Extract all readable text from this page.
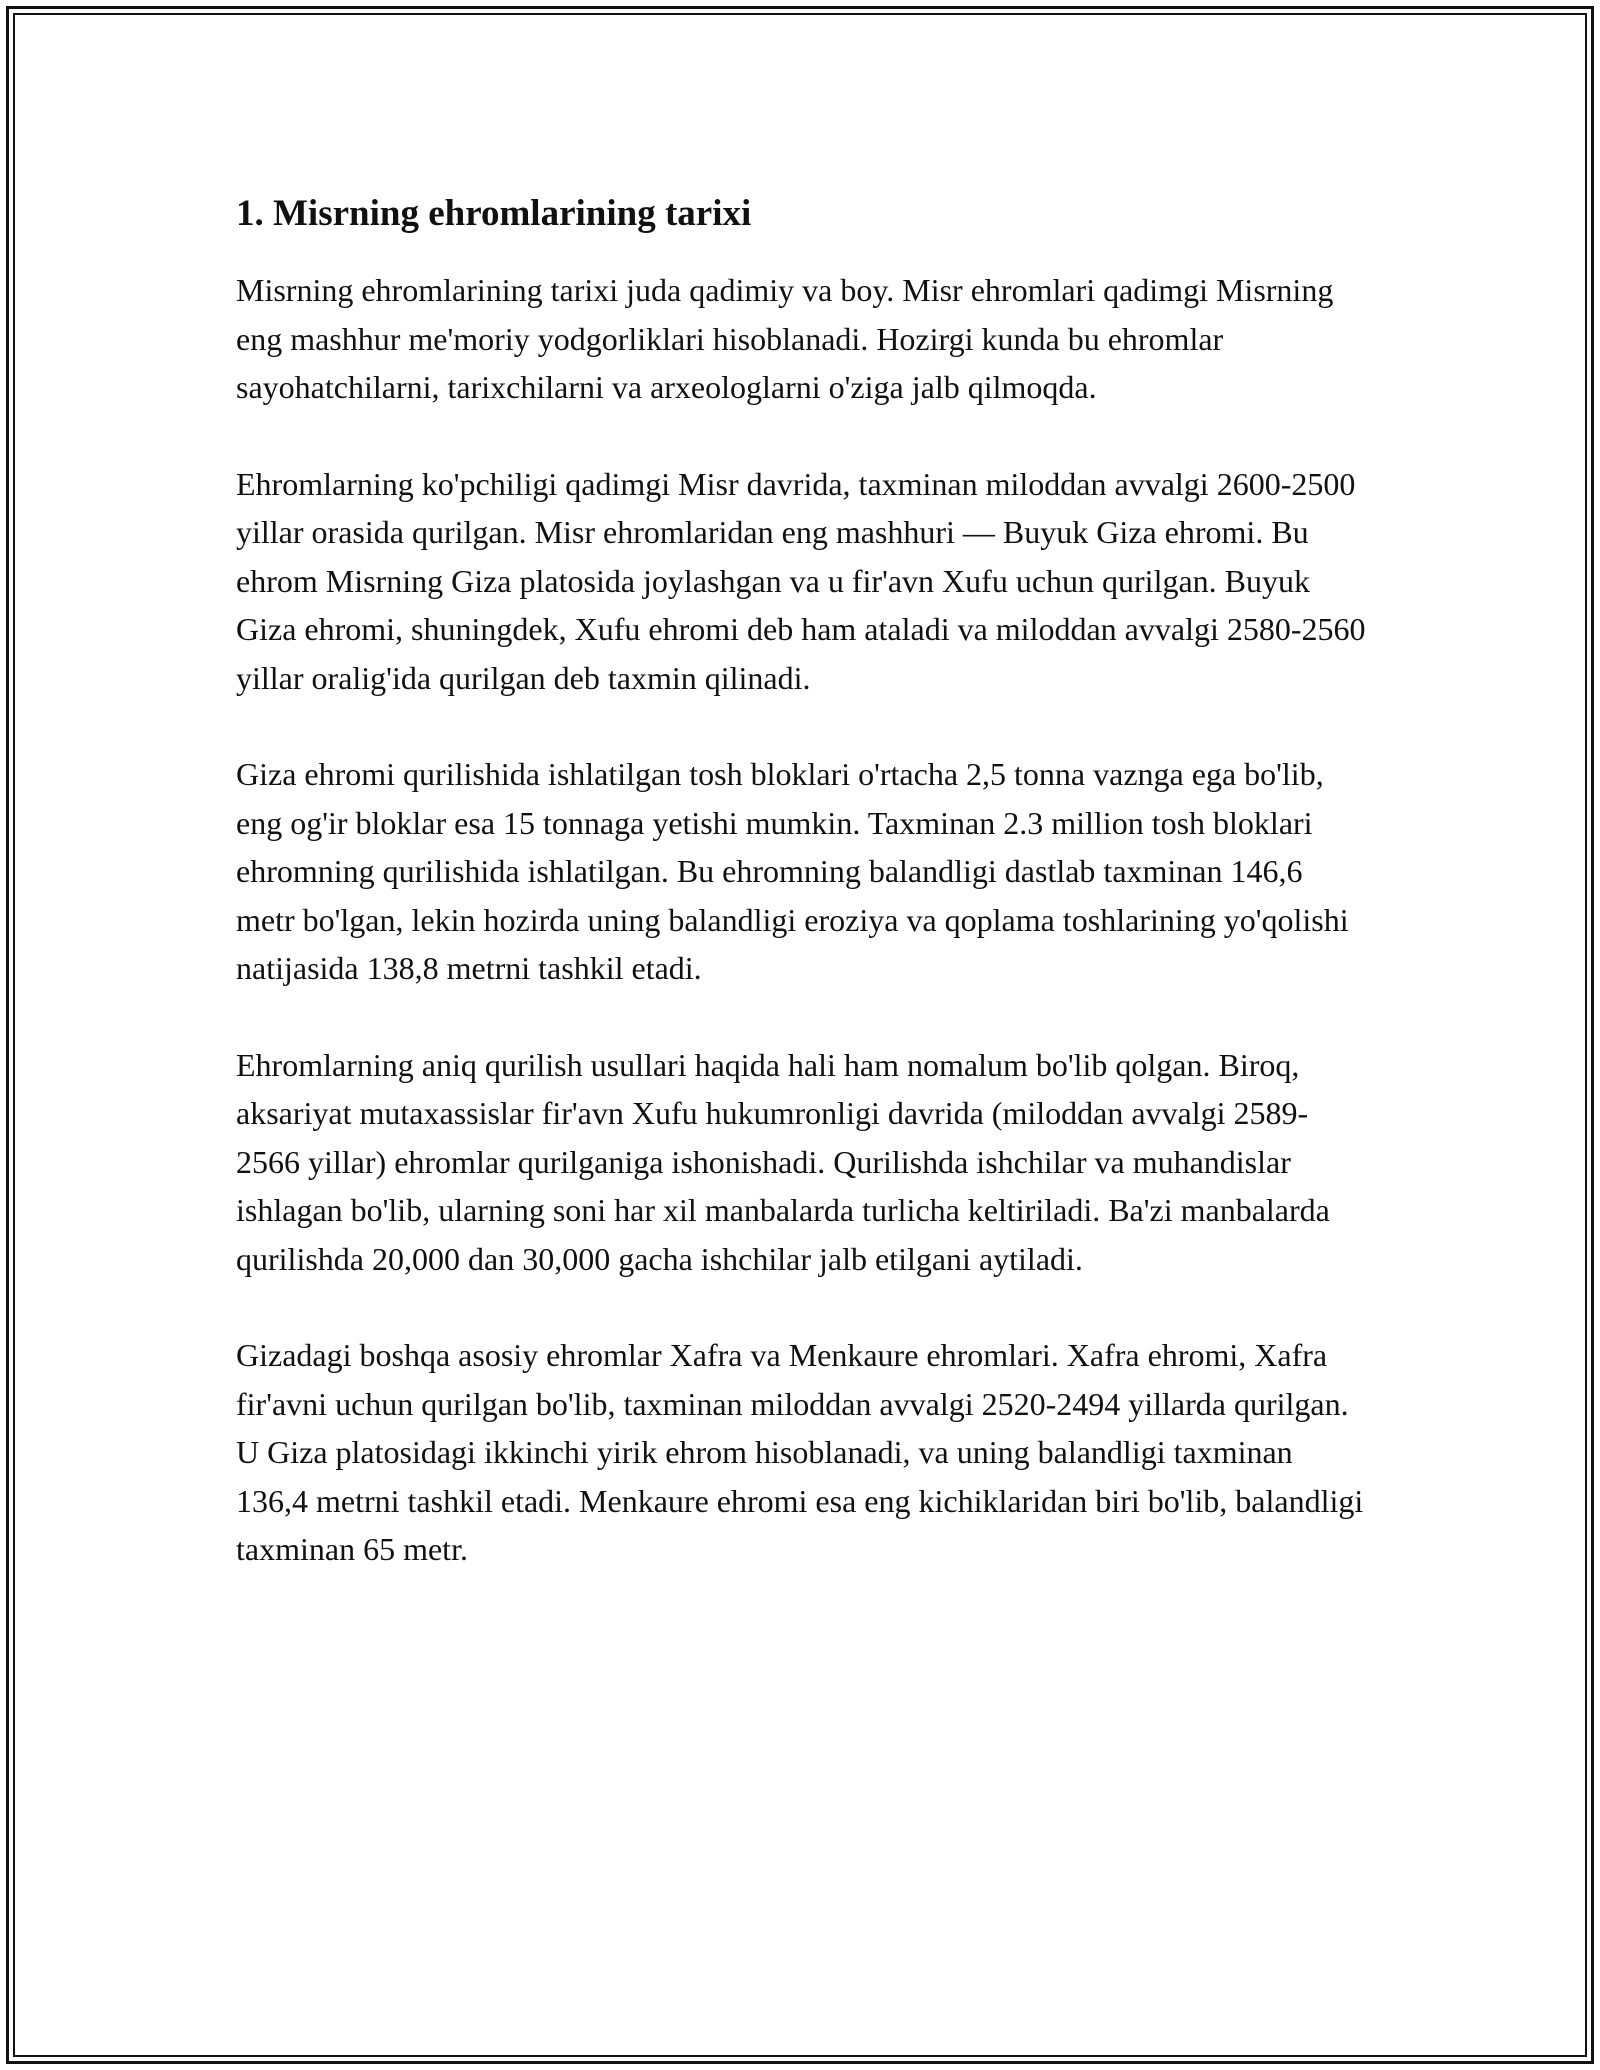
1. Misrning ehromlarining tarixi

Misrning ehromlarining tarixi juda qadimiy va boy. Misr ehromlari qadimgi Misrning eng mashhur me'moriy yodgorliklari hisoblanadi. Hozirgi kunda bu ehromlar sayohatchilarni, tarixchilarni va arxeologlarni o'ziga jalb qilmoqda.

Ehromlarning ko'pchiligi qadimgi Misr davrida, taxminan miloddan avvalgi 2600-2500 yillar orasida qurilgan. Misr ehromlaridan eng mashhuri — Buyuk Giza ehromi. Bu ehrom Misrning Giza platosida joylashgan va u fir'avn Xufu uchun qurilgan. Buyuk Giza ehromi, shuningdek, Xufu ehromi deb ham ataladi va miloddan avvalgi 2580-2560 yillar oralig'ida qurilgan deb taxmin qilinadi.

Giza ehromi qurilishida ishlatilgan tosh bloklari o'rtacha 2,5 tonna vaznga ega bo'lib, eng og'ir bloklar esa 15 tonnaga yetishi mumkin. Taxminan 2.3 million tosh bloklari ehromning qurilishida ishlatilgan. Bu ehromning balandligi dastlab taxminan 146,6 metr bo'lgan, lekin hozirda uning balandligi eroziya va qoplama toshlarining yo'qolishi natijasida 138,8 metrni tashkil etadi.

Ehromlarning aniq qurilish usullari haqida hali ham nomalum bo'lib qolgan. Biroq, aksariyat mutaxassislar fir'avn Xufu hukumronligi davrida (miloddan avvalgi 2589-2566 yillar) ehromlar qurilganiga ishonishadi. Qurilishda ishchilar va muhandislar ishlagan bo'lib, ularning soni har xil manbalarda turlicha keltiriladi. Ba'zi manbalarda qurilishda 20,000 dan 30,000 gacha ishchilar jalb etilgani aytiladi.

Gizadagi boshqa asosiy ehromlar Xafra va Menkaure ehromlari. Xafra ehromi, Xafra fir'avni uchun qurilgan bo'lib, taxminan miloddan avvalgi 2520-2494 yillarda qurilgan. U Giza platosidagi ikkinchi yirik ehrom hisoblanadi, va uning balandligi taxminan 136,4 metrni tashkil etadi. Menkaure ehromi esa eng kichiklaridan biri bo'lib, balandligi taxminan 65 metr.
